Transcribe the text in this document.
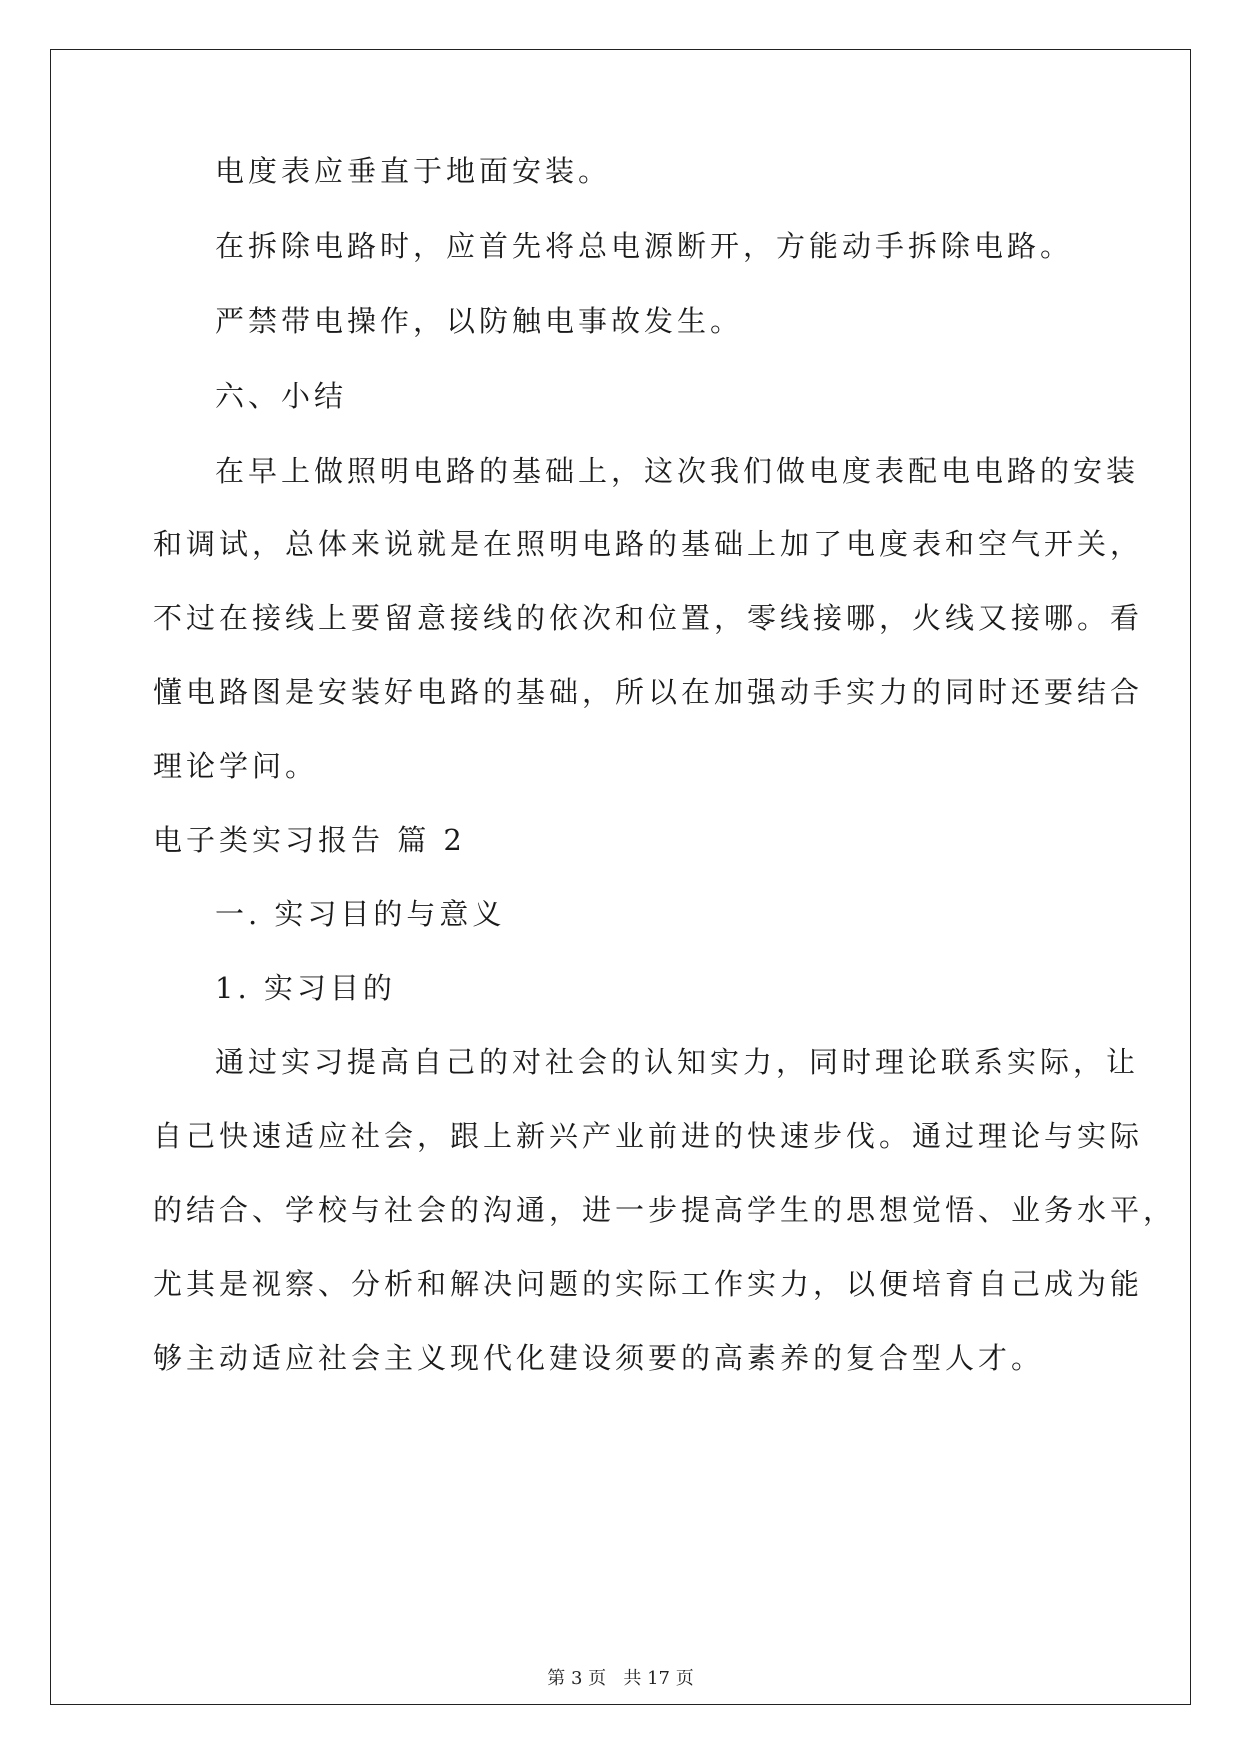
电度表应垂直于地面安装。
在拆除电路时，应首先将总电源断开，方能动手拆除电路。
严禁带电操作，以防触电事故发生。
六、小结
在早上做照明电路的基础上，这次我们做电度表配电电路的安装
和调试，总体来说就是在照明电路的基础上加了电度表和空气开关，
不过在接线上要留意接线的依次和位置，零线接哪，火线又接哪。看
懂电路图是安装好电路的基础，所以在加强动手实力的同时还要结合
理论学问。
电子类实习报告 篇 2
一. 实习目的与意义
1. 实习目的
通过实习提高自己的对社会的认知实力，同时理论联系实际，让
自己快速适应社会，跟上新兴产业前进的快速步伐。通过理论与实际
的结合、学校与社会的沟通，进一步提高学生的思想觉悟、业务水平，
尤其是视察、分析和解决问题的实际工作实力，以便培育自己成为能
够主动适应社会主义现代化建设须要的高素养的复合型人才。
第 3 页 共 17 页
